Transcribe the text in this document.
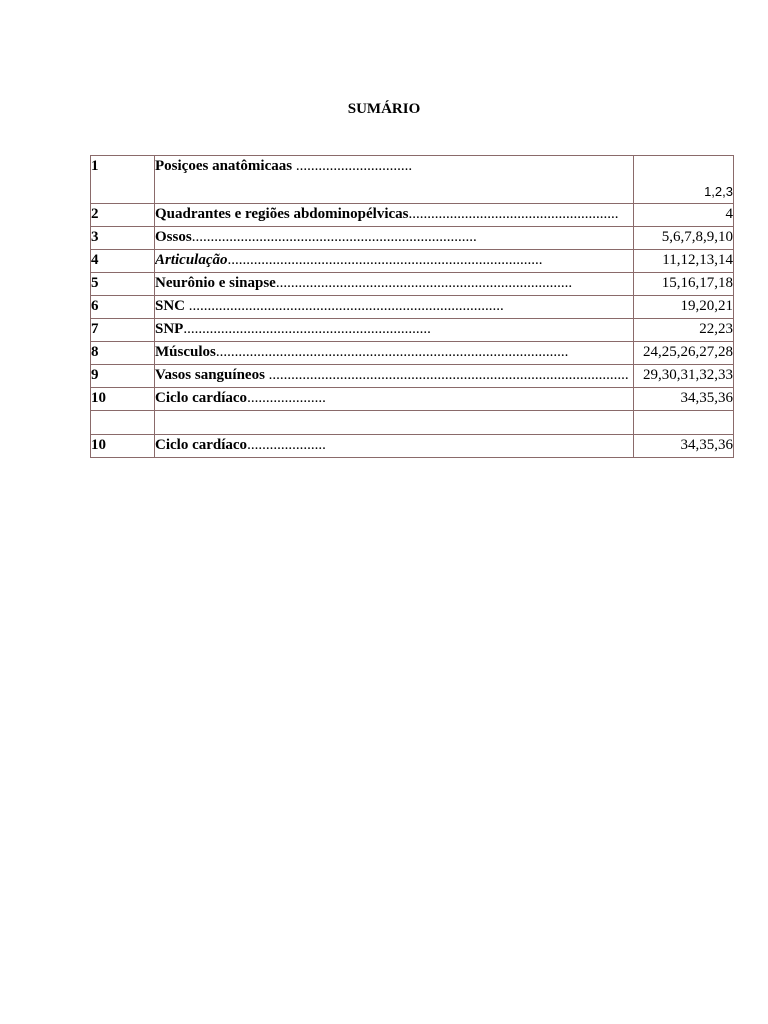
SUMÁRIO
1	Posiçoes anatômicaas ...............................	1,2,3
2	Quadrantes e regiões abdominopélvicas........................................................	4
3	Ossos............................................................................	5,6,7,8,9,10
4	Articulação....................................................................................	11,12,13,14
5	Neurônio e sinapse...............................................................................	15,16,17,18
6	SNC ....................................................................................	19,20,21
7	SNP..................................................................	22,23
8	Músculos..............................................................................................	24,25,26,27,28
9	Vasos sanguíneos ................................................................................................	29,30,31,32,33
10	Ciclo cardíaco.....................	34,35,36

10	Ciclo cardíaco.....................	34,35,36
